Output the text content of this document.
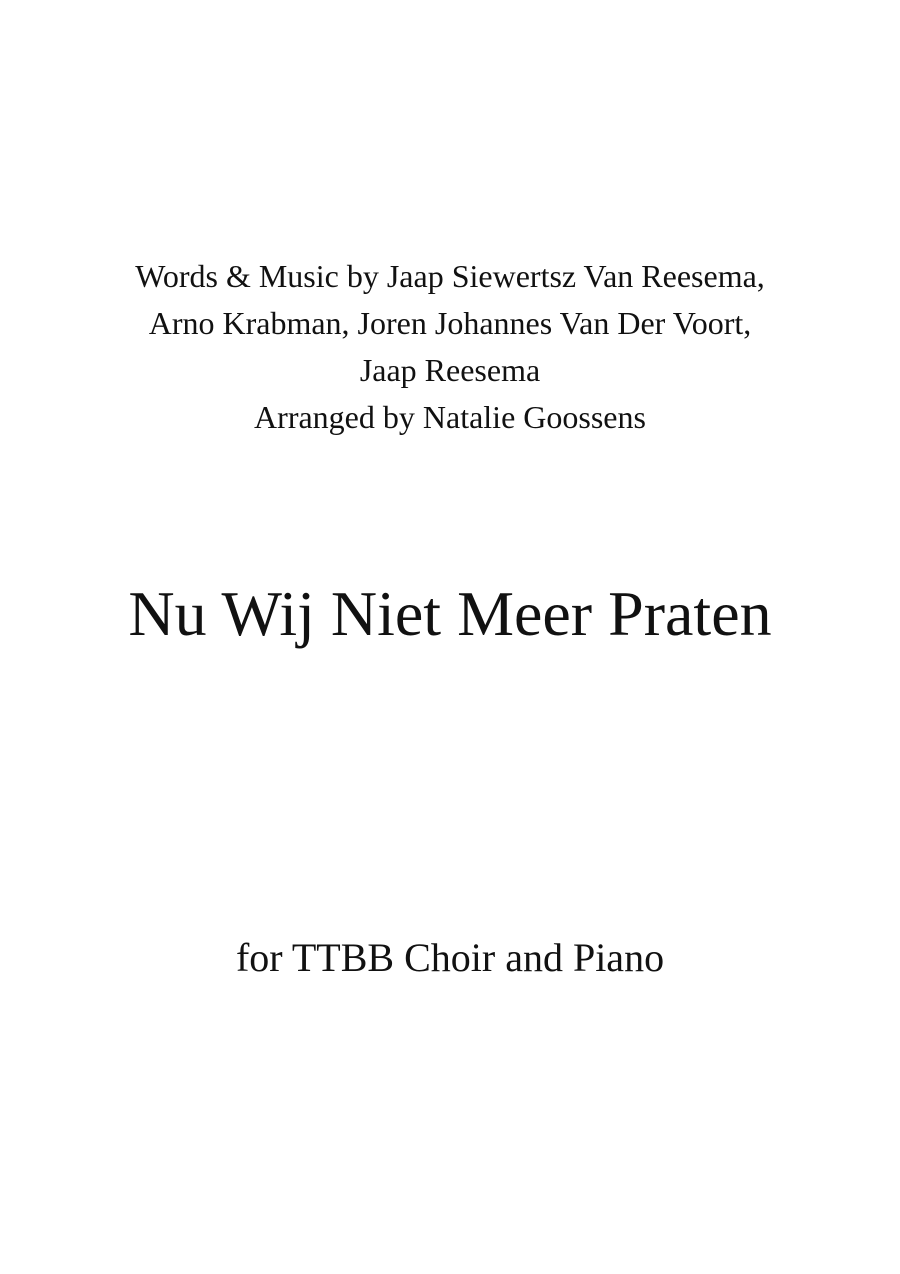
Words & Music by Jaap Siewertsz Van Reesema,
Arno Krabman, Joren Johannes Van Der Voort,
Jaap Reesema
Arranged by Natalie Goossens
Nu Wij Niet Meer Praten
for TTBB Choir and Piano
